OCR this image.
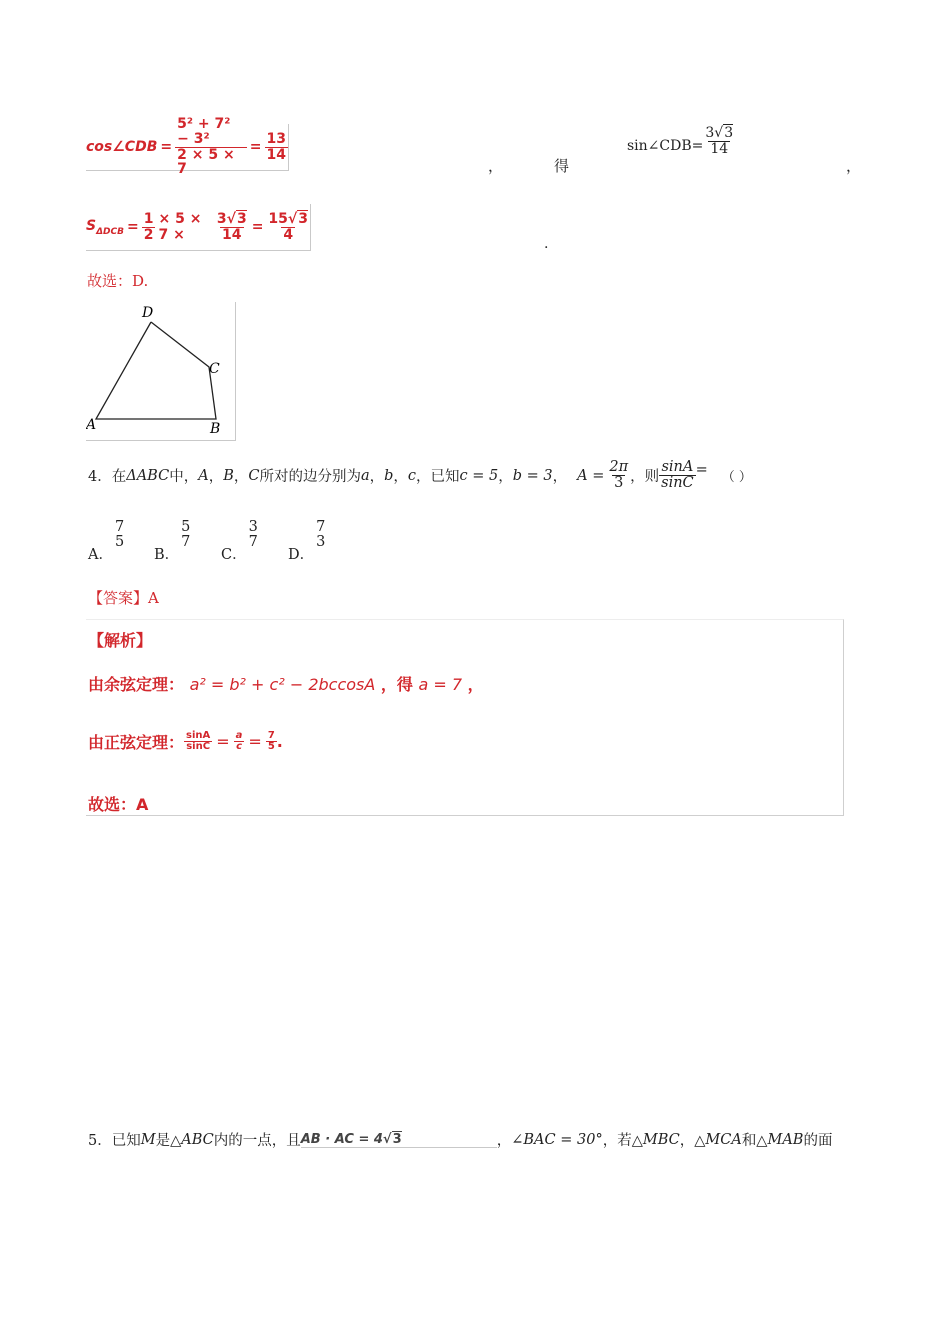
cos∠CDB = $\frac{\text{5² + 7² − 3²}}{2 \times 5 \times 7} = \frac{13}{14}$
，	得
sin∠CDB= $\frac{3√3}{14}$
，
$S_{\Delta DCB} = \frac{1}{2} \times 5 \times 7$ ×	$\frac{3√3}{14} = \frac{15√3}{4}$
.
故选：D.
D
C
A	B
4．在 ΔABC 中， A ， B ， C 所对的边分别为 a ， b ， c ， 已知 c = 5 ， b = 3 ， $A = \frac{2\pi}{3}$ ，则 $\frac{\sin A}{\sin C}$ = （ ）
A．
7
5
B．
5
7
C．
3
7
D．
7
3
【答案】A
【解析】
由余弦定理： a² = b² + c² − 2bccosA ，得 a = 7 ，
由正弦定理： $\frac{\sin A}{\sin C} = \frac{a}{c} = \frac{7}{5}$ .
故选：A
5．已知 M 是△ ABC 内的一点，且 AB · AC = 4√3	， ∠BAC = 30° ，若△ MBC ，△ MCA 和△ MAB 的面
